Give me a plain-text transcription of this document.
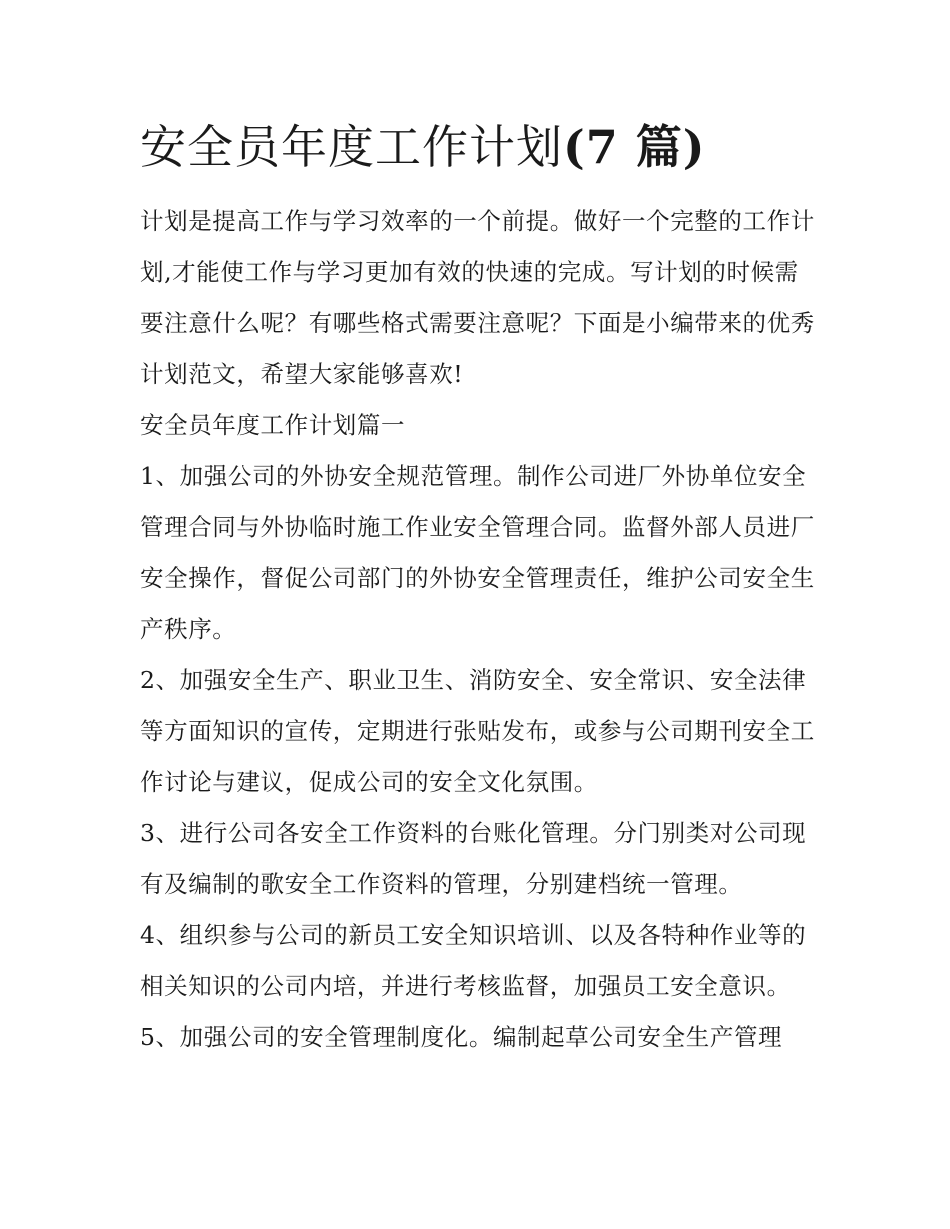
安全员年度工作计划(7 篇)

计划是提高工作与学习效率的一个前提。做好一个完整的工作计划,才能使工作与学习更加有效的快速的完成。写计划的时候需要注意什么呢？有哪些格式需要注意呢？下面是小编带来的优秀计划范文，希望大家能够喜欢!

安全员年度工作计划篇一

1、加强公司的外协安全规范管理。制作公司进厂外协单位安全管理合同与外协临时施工作业安全管理合同。监督外部人员进厂安全操作，督促公司部门的外协安全管理责任，维护公司安全生产秩序。

2、加强安全生产、职业卫生、消防安全、安全常识、安全法律等方面知识的宣传，定期进行张贴发布，或参与公司期刊安全工作讨论与建议，促成公司的安全文化氛围。

3、进行公司各安全工作资料的台账化管理。分门别类对公司现有及编制的歌安全工作资料的管理，分别建档统一管理。

4、组织参与公司的新员工安全知识培训、以及各特种作业等的相关知识的公司内培，并进行考核监督，加强员工安全意识。

5、加强公司的安全管理制度化。编制起草公司安全生产管理
